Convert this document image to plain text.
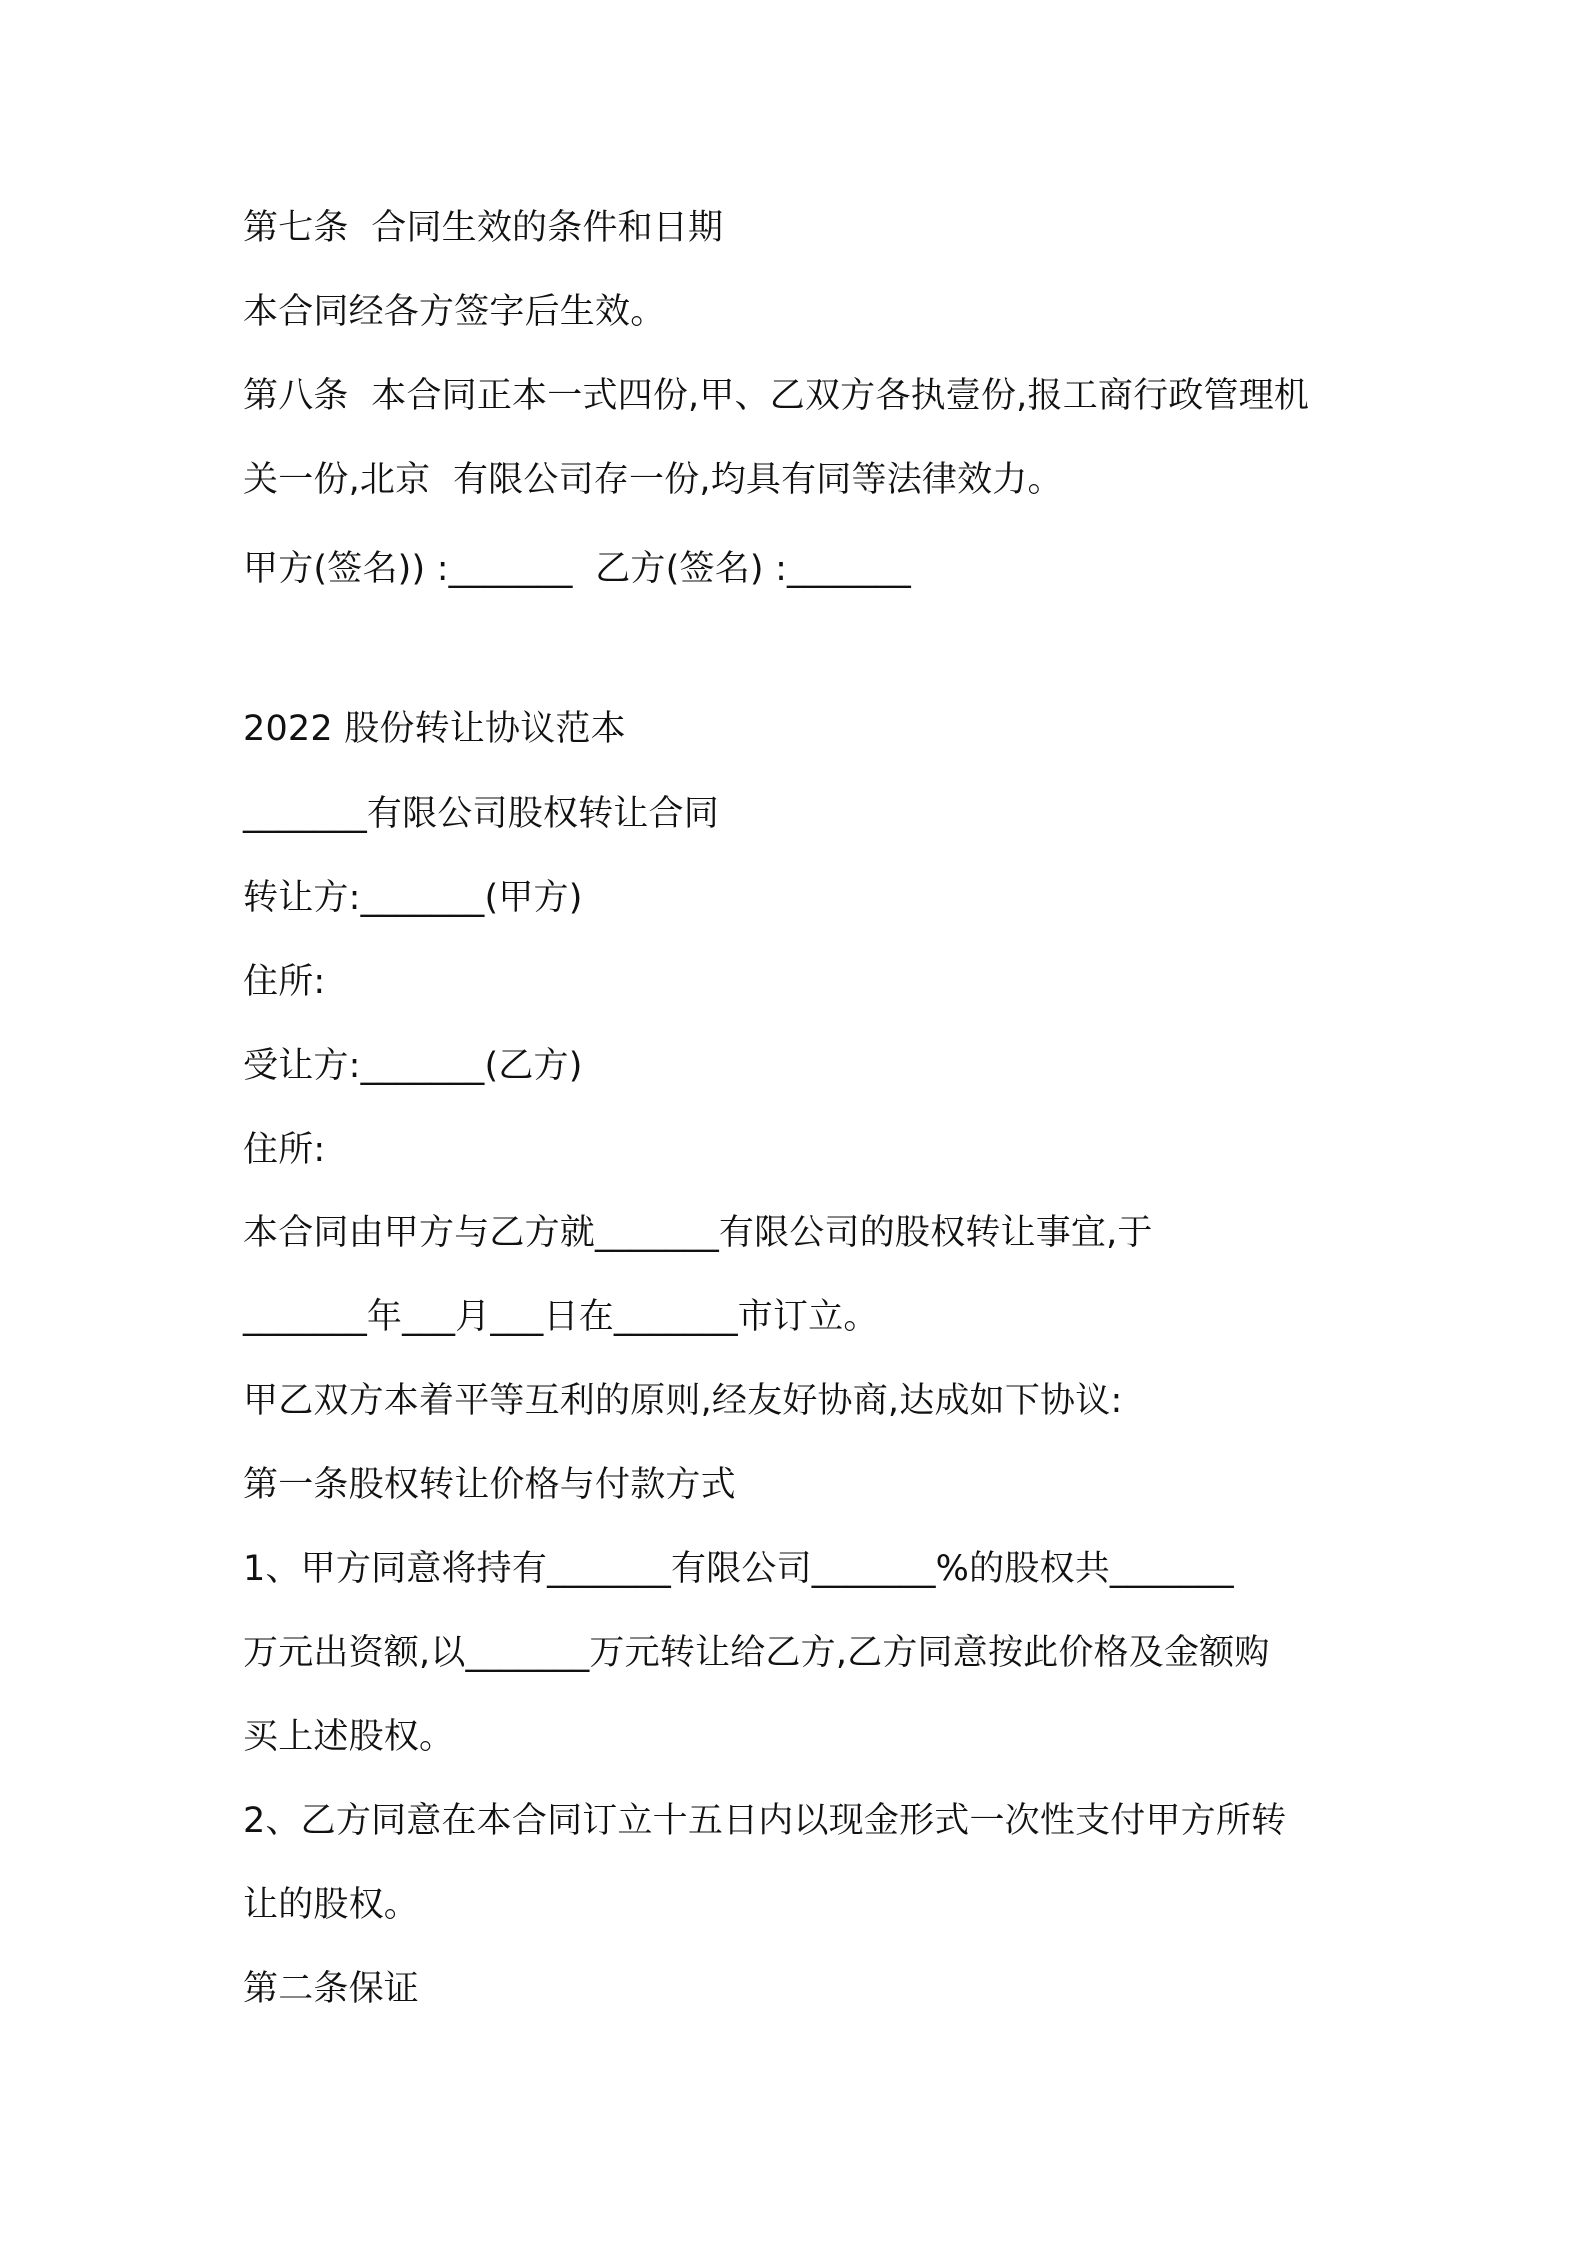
第七条  合同生效的条件和日期
本合同经各方签字后生效。
第八条  本合同正本一式四份,甲、乙双方各执壹份,报工商行政管理机
关一份,北京  有限公司存一份,均具有同等法律效力。
甲方(签名)) :_______  乙方(签名) :_______
2022 股份转让协议范本
_______有限公司股权转让合同
转让方:_______(甲方)
住所:
受让方:_______(乙方)
住所:
本合同由甲方与乙方就_______有限公司的股权转让事宜,于
_______年___月___日在_______市订立。
甲乙双方本着平等互利的原则,经友好协商,达成如下协议:
第一条股权转让价格与付款方式
1、甲方同意将持有_______有限公司_______%的股权共_______
万元出资额,以_______万元转让给乙方,乙方同意按此价格及金额购
买上述股权。
2、乙方同意在本合同订立十五日内以现金形式一次性支付甲方所转
让的股权。
第二条保证
